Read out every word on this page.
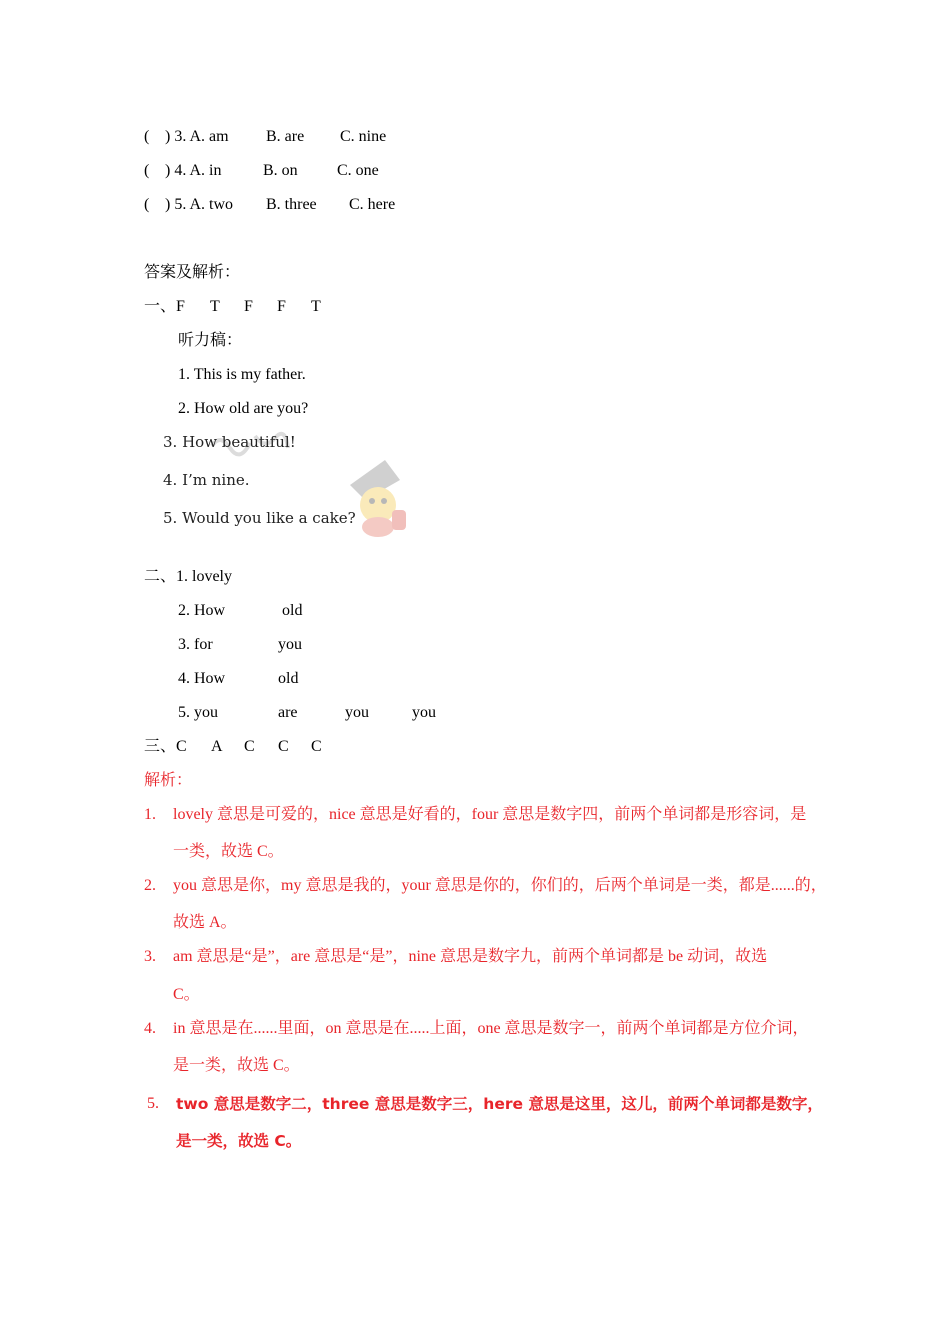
( ) 3. A. am B. are C. nine
( ) 4. A. in	B. on C. one
( ) 5. A. two B. three C. here
答案及解析：
一、F T F F T
听力稿：
1. This is my father.
2. How old are you?
3. How beautiful!
4. I’m nine.
5. Would you like a cake?
二、1. lovely
2. How	old
3. for	you
4. How	old
5. you	are	you	you
三、C A C C C
解析：
1. lovely 意思是可爱的，nice 意思是好看的，four 意思是数字四，前两个单词都是形容词，是
一类，故选 C。
2. you 意思是你，my 意思是我的，your 意思是你的，你们的，后两个单词是一类，都是......的，
故选 A。
3. am 意思是“是”，are 意思是“是”，nine 意思是数字九，前两个单词都是 be 动词，故选
C。
4. in 意思是在......里面，on 意思是在.....上面，one 意思是数字一，前两个单词都是方位介词，
是一类，故选 C。
5. two 意思是数字二，three 意思是数字三，here 意思是这里，这儿，前两个单词都是数字，
是一类，故选 C。
